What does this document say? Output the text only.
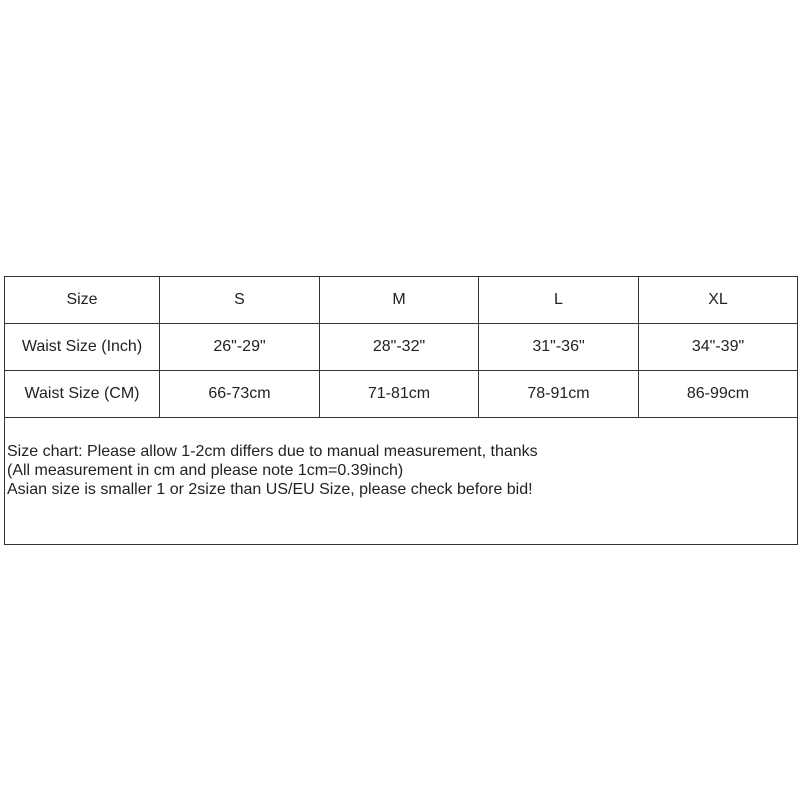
Size	S	M	L	XL
Waist Size (Inch)	26"-29"	28"-32"	31"-36"	34"-39"
Waist Size (CM)	66-73cm	71-81cm	78-91cm	86-99cm

Size chart: Please allow 1-2cm differs due to manual measurement, thanks
(All measurement in cm and please note 1cm=0.39inch)
Asian size is smaller 1 or 2size than US/EU Size, please check before bid!				
